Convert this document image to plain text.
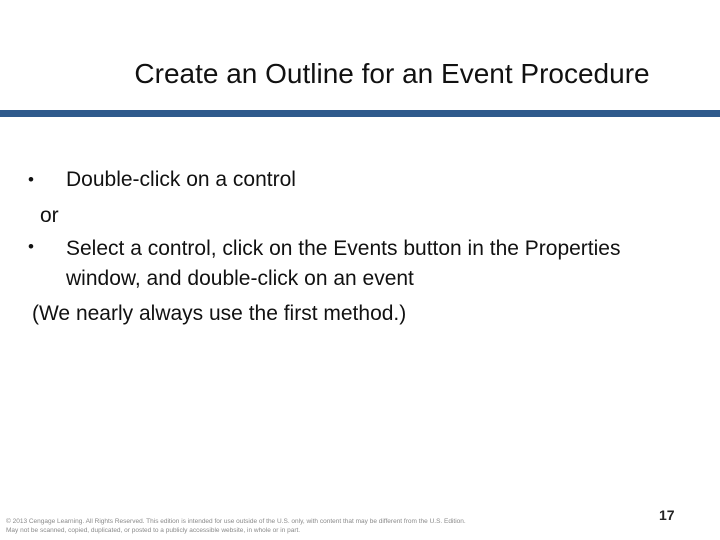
Create an Outline for an Event Procedure
• Double-click on a control
or
• Select a control, click on the Events button in the Properties
window, and double-click on an event
(We nearly always use the first method.)
© 2013 Cengage Learning. All Rights Reserved. This edition is intended for use outside of the U.S. only, with content that may be different from the U.S. Edition.
May not be scanned, copied, duplicated, or posted to a publicly accessible website, in whole or in part.
17
